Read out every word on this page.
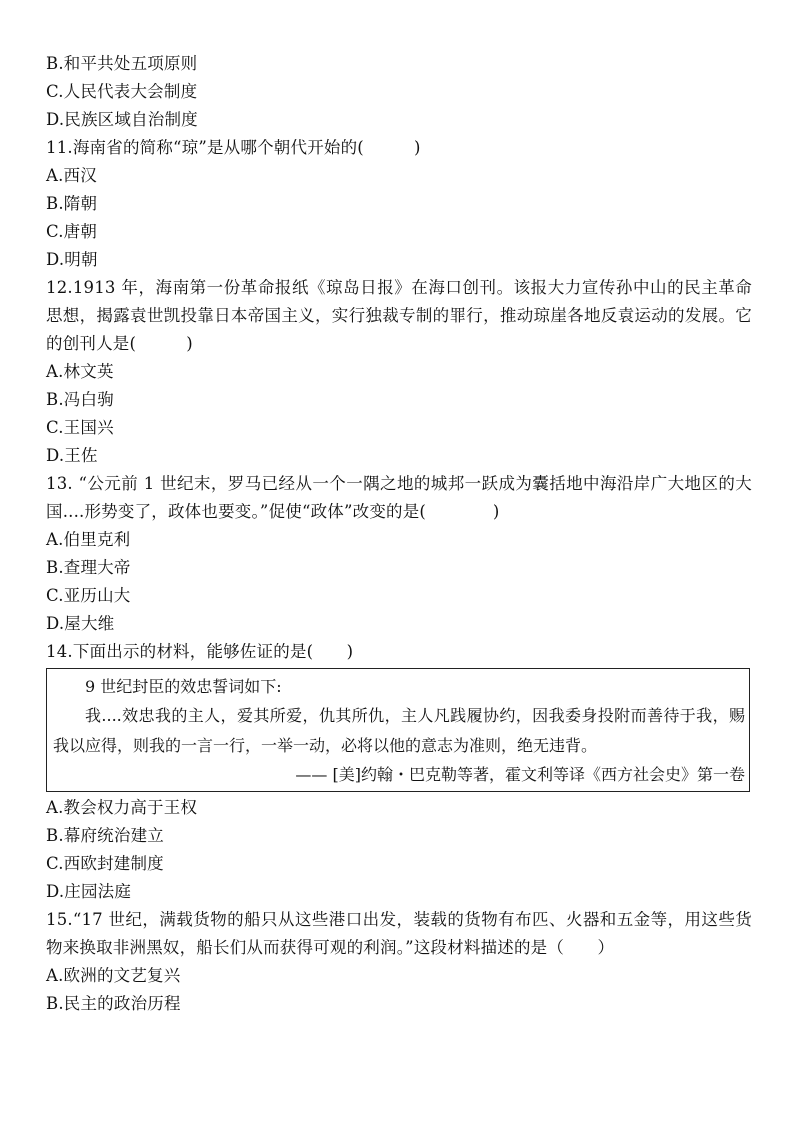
B.和平共处五项原则
C.人民代表大会制度
D.民族区域自治制度
11.海南省的简称“琼”是从哪个朝代开始的(　　　)
A.西汉
B.隋朝
C.唐朝
D.明朝
12.1913 年，海南第一份革命报纸《琼岛日报》在海口创刊。该报大力宣传孙中山的民主革命思想，揭露袁世凯投靠日本帝国主义，实行独裁专制的罪行，推动琼崖各地反袁运动的发展。它的创刊人是(　　　)
A.林文英
B.冯白驹
C.王国兴
D.王佐
13. “公元前 1 世纪末，罗马已经从一个一隅之地的城邦一跃成为囊括地中海沿岸广大地区的大国....形势变了，政体也要变。”促使“政体”改变的是(　　　　)
A.伯里克利
B.查理大帝
C.亚历山大
D.屋大维
14.下面出示的材料，能够佐证的是(　　)
9 世纪封臣的效忠誓词如下:
我....效忠我的主人，爱其所爱，仇其所仇，主人凡践履协约，因我委身投附而善待于我，赐我以应得，则我的一言一行，一举一动，必将以他的意志为准则，绝无违背。
—— [美]约翰・巴克勒等著，霍文利等译《西方社会史》第一卷
A.教会权力高于王权
B.幕府统治建立
C.西欧封建制度
D.庄园法庭
15.“17 世纪，满载货物的船只从这些港口出发，装载的货物有布匹、火器和五金等，用这些货物来换取非洲黑奴，船长们从而获得可观的利润。”这段材料描述的是（　　）
A.欧洲的文艺复兴
B.民主的政治历程
